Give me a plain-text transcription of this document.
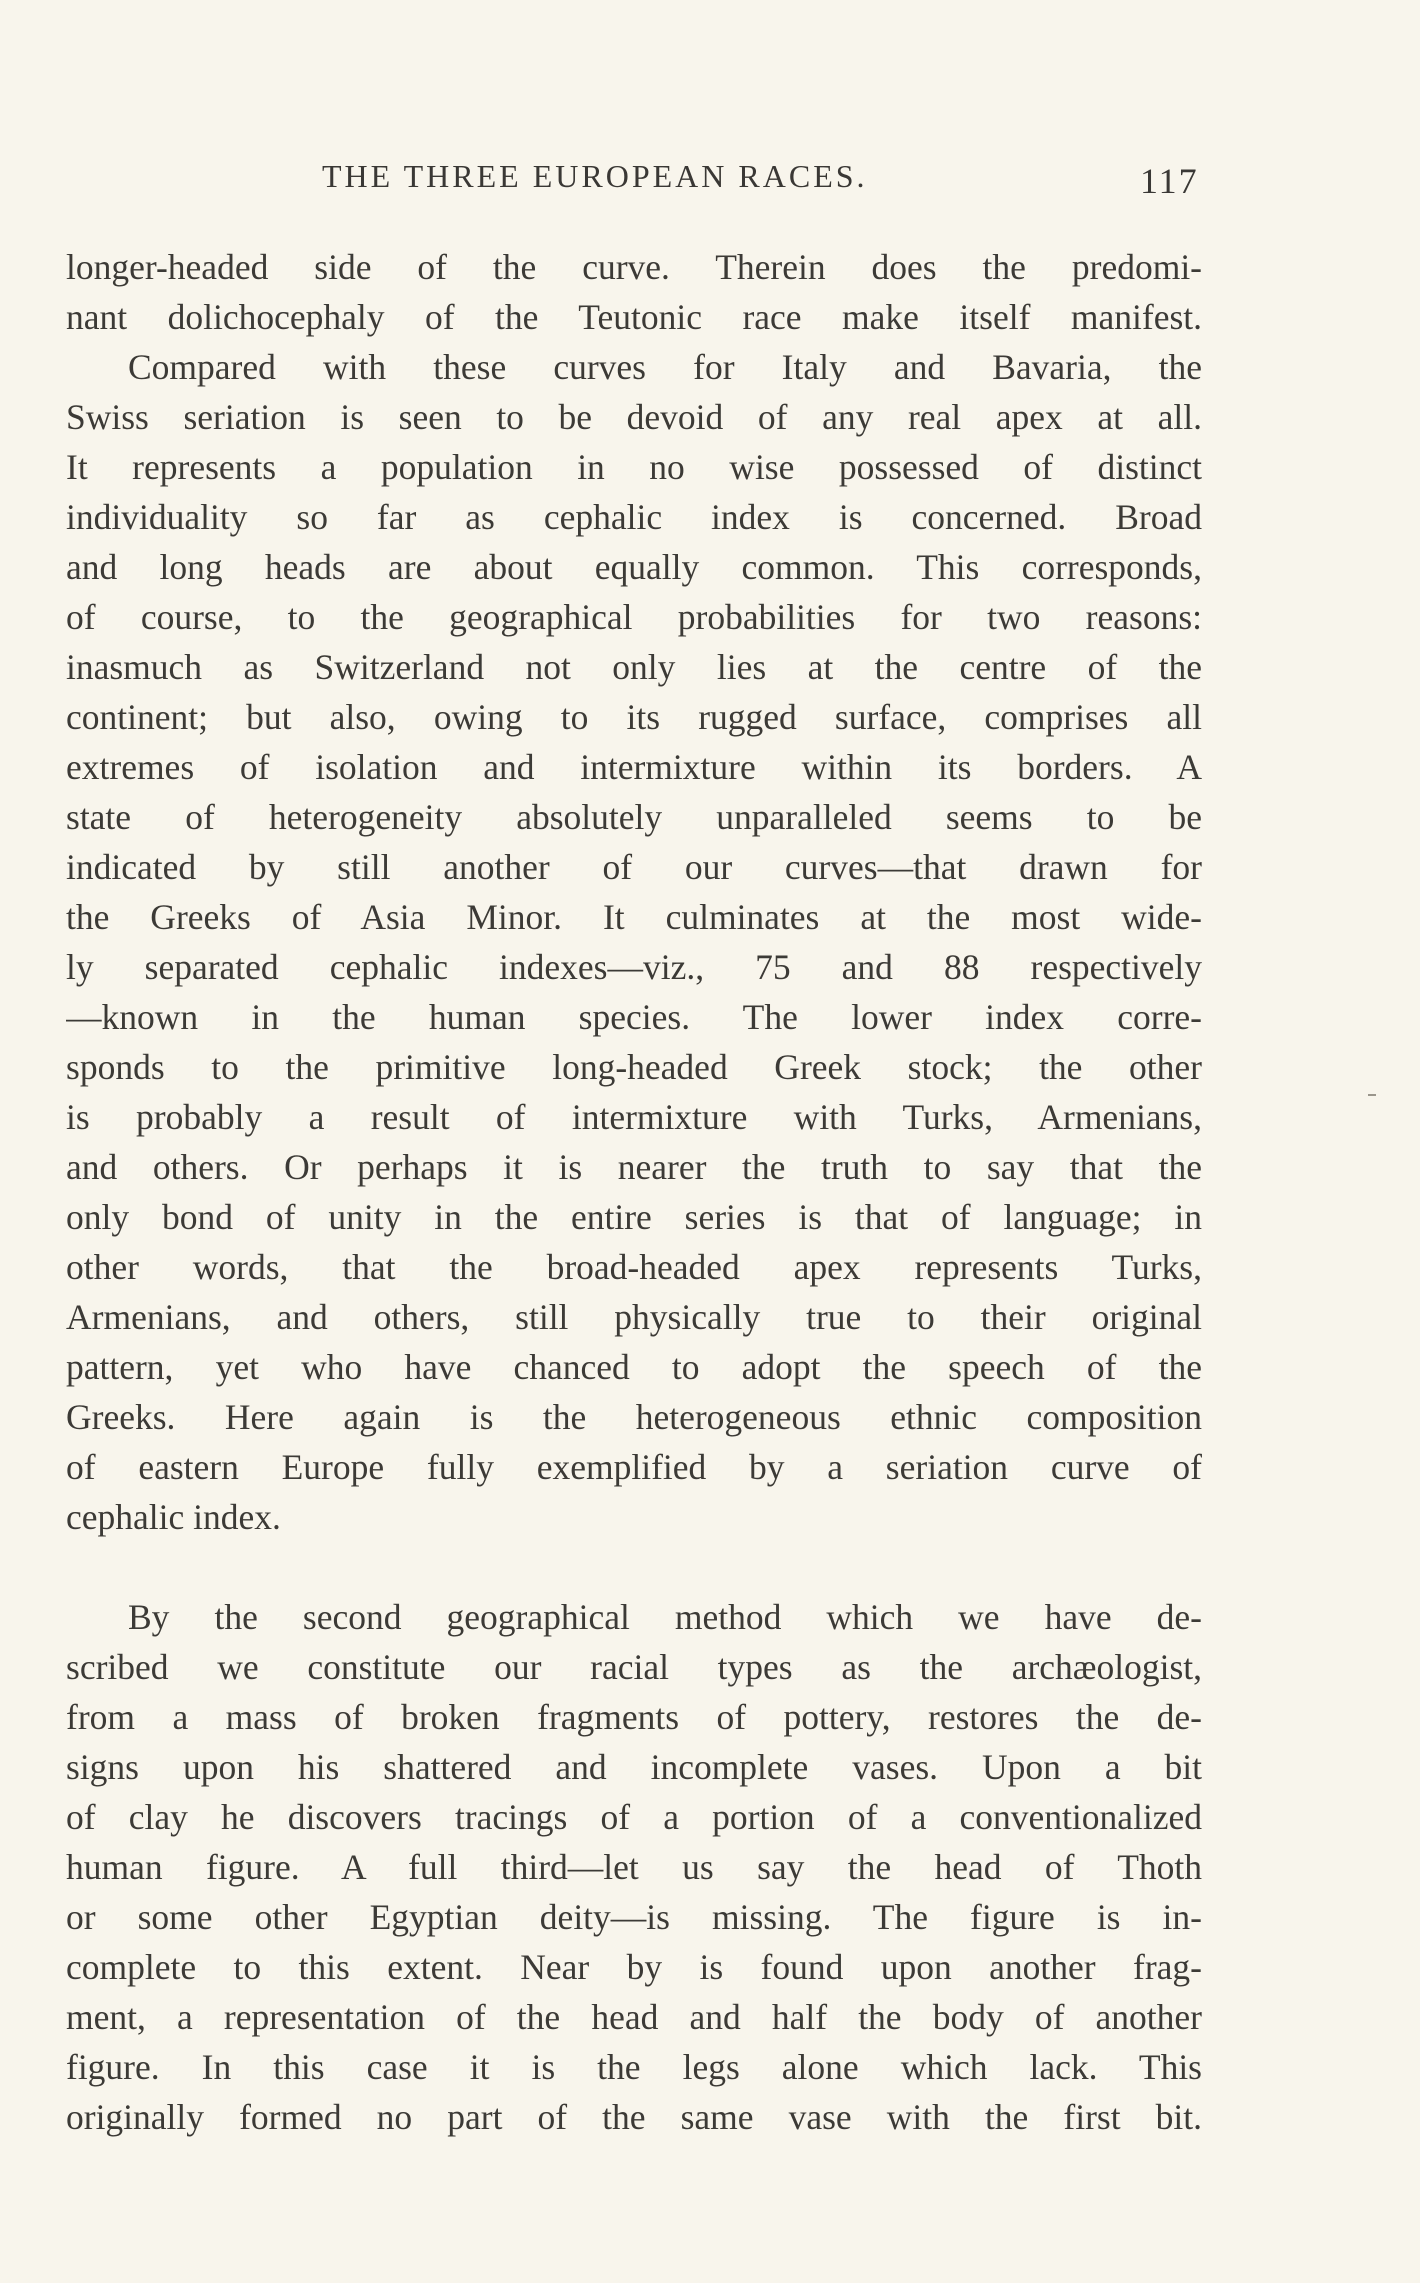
THE THREE EUROPEAN RACES.	117
longer-headed side of the curve. Therein does the predomi-
nant dolichocephaly of the Teutonic race make itself manifest.
Compared with these curves for Italy and Bavaria, the
Swiss seriation is seen to be devoid of any real apex at all.
It represents a population in no wise possessed of distinct
individuality so far as cephalic index is concerned. Broad
and long heads are about equally common. This corresponds,
of course, to the geographical probabilities for two reasons:
inasmuch as Switzerland not only lies at the centre of the
continent; but also, owing to its rugged surface, comprises all
extremes of isolation and intermixture within its borders. A
state of heterogeneity absolutely unparalleled seems to be
indicated by still another of our curves—that drawn for
the Greeks of Asia Minor. It culminates at the most wide-
ly separated cephalic indexes—viz., 75 and 88 respectively
—known in the human species. The lower index corre-
sponds to the primitive long-headed Greek stock; the other
is probably a result of intermixture with Turks, Armenians,
and others. Or perhaps it is nearer the truth to say that the
only bond of unity in the entire series is that of language; in
other words, that the broad-headed apex represents Turks,
Armenians, and others, still physically true to their original
pattern, yet who have chanced to adopt the speech of the
Greeks. Here again is the heterogeneous ethnic composition
of eastern Europe fully exemplified by a seriation curve of
cephalic index.
By the second geographical method which we have de-
scribed we constitute our racial types as the archæologist,
from a mass of broken fragments of pottery, restores the de-
signs upon his shattered and incomplete vases. Upon a bit
of clay he discovers tracings of a portion of a conventionalized
human figure. A full third—let us say the head of Thoth
or some other Egyptian deity—is missing. The figure is in-
complete to this extent. Near by is found upon another frag-
ment, a representation of the head and half the body of another
figure. In this case it is the legs alone which lack. This
originally formed no part of the same vase with the first bit.
